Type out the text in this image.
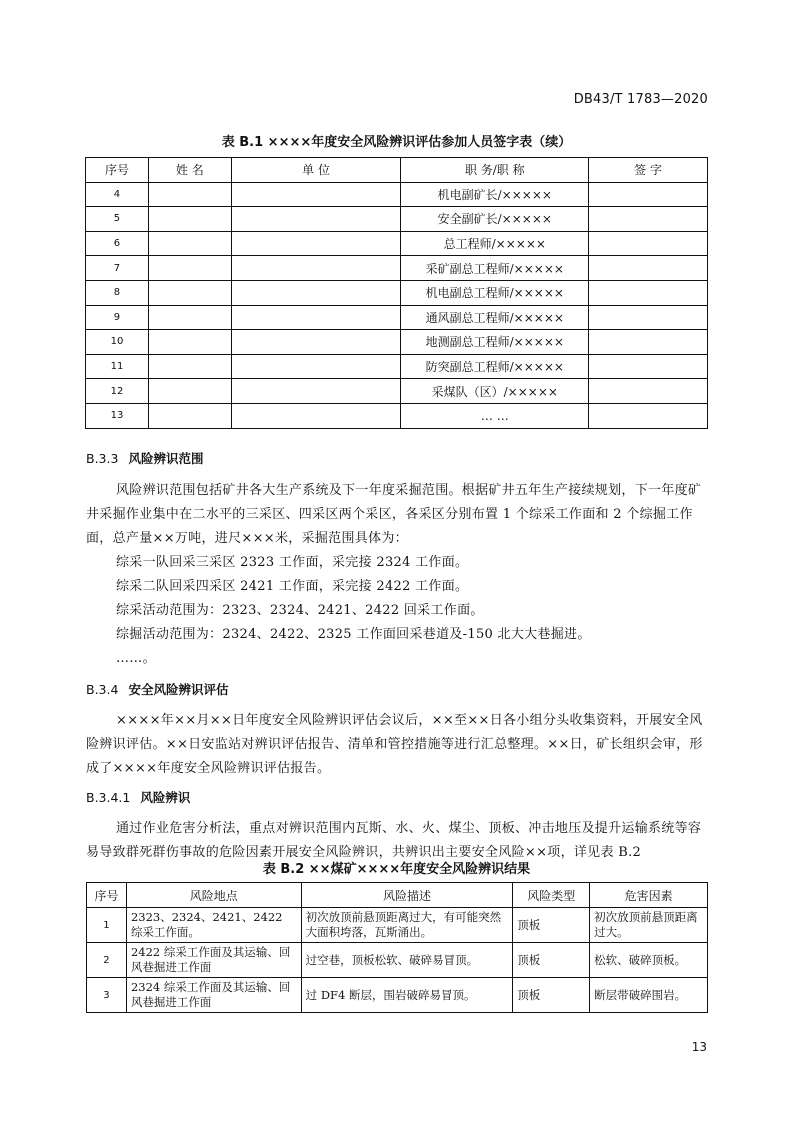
DB43/T 1783—2020
表 B.1 ××××年度安全风险辨识评估参加人员签字表（续）
序号	姓 名	单 位	职 务/职 称	签 字
4			机电副矿长/×××××	
5			安全副矿长/×××××	
6			总工程师/×××××	
7			采矿副总工程师/×××××	
8			机电副总工程师/×××××	
9			通风副总工程师/×××××	
10			地测副总工程师/×××××	
11			防突副总工程师/×××××	
12			采煤队（区）/×××××	
13			… …	
B.3.3 风险辨识范围

风险辨识范围包括矿井各大生产系统及下一年度采掘范围。根据矿井五年生产接续规划，下一年度矿井采掘作业集中在二水平的三采区、四采区两个采区，各采区分别布置 1 个综采工作面和 2 个综掘工作面，总产量××万吨，进尺×××米，采掘范围具体为：

综采一队回采三采区 2323 工作面，采完接 2324 工作面。

综采二队回采四采区 2421 工作面，采完接 2422 工作面。

综采活动范围为：2323、2324、2421、2422 回采工作面。

综掘活动范围为：2324、2422、2325 工作面回采巷道及-150 北大大巷掘进。

……。

B.3.4 安全风险辨识评估

××××年××月××日年度安全风险辨识评估会议后，××至××日各小组分头收集资料，开展安全风险辨识评估。××日安监站对辨识评估报告、清单和管控措施等进行汇总整理。××日，矿长组织会审，形成了××××年度安全风险辨识评估报告。

B.3.4.1 风险辨识

通过作业危害分析法，重点对辨识范围内瓦斯、水、火、煤尘、顶板、冲击地压及提升运输系统等容易导致群死群伤事故的危险因素开展安全风险辨识，共辨识出主要安全风险××项，详见表 B.2

表 B.2 ××煤矿××××年度安全风险辨识结果
序号	风险地点	风险描述	风险类型	危害因素
1	2323、2324、2421、2422 综采工作面。	初次放顶前悬顶距离过大，有可能突然大面积垮落，瓦斯涌出。	顶板	初次放顶前悬顶距离过大。
2	2422 综采工作面及其运输、回风巷掘进工作面	过空巷，顶板松软、破碎易冒顶。	顶板	松软、破碎顶板。
3	2324 综采工作面及其运输、回风巷掘进工作面	过 DF4 断层，围岩破碎易冒顶。	顶板	断层带破碎围岩。
13
